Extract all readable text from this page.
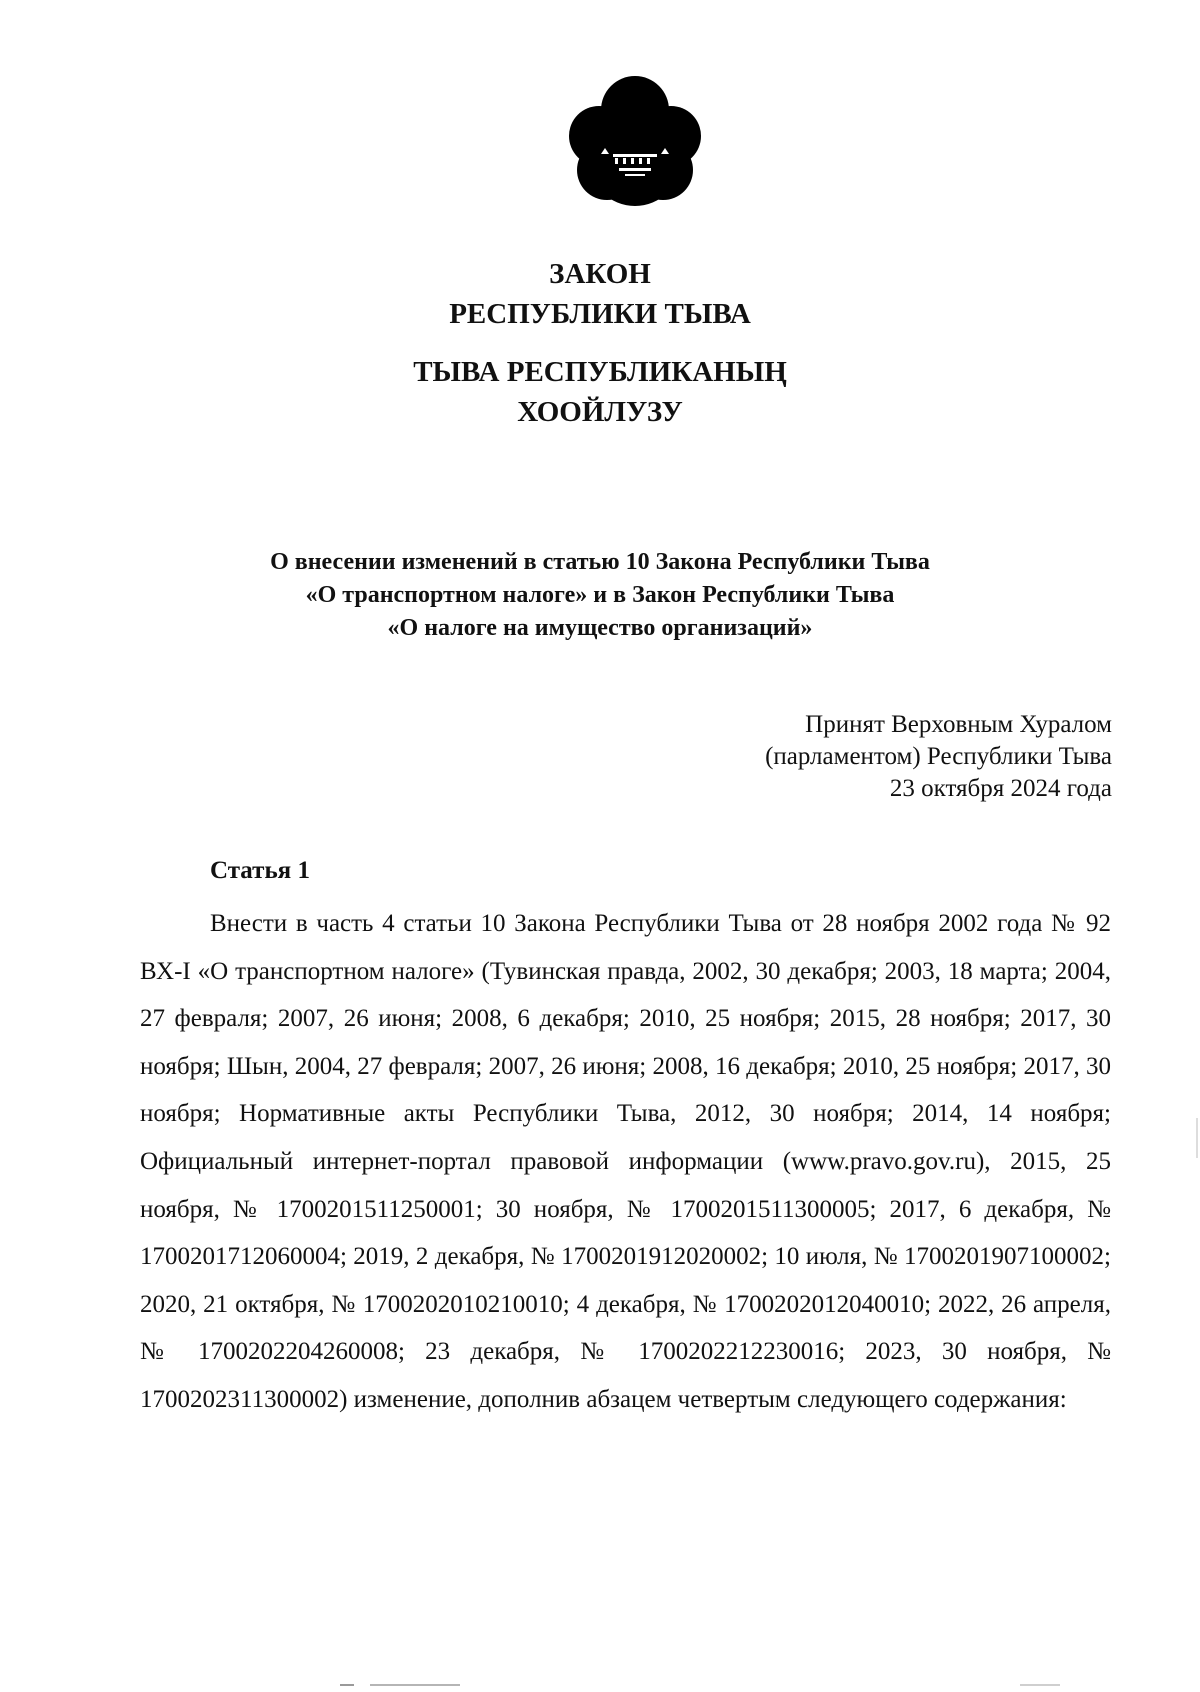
ЗАКОН
РЕСПУБЛИКИ ТЫВА
ТЫВА РЕСПУБЛИКАНЫҢ
ХООЙЛУЗУ
О внесении изменений в статью 10 Закона Республики Тыва
«О транспортном налоге» и в Закон Республики Тыва
«О налоге на имущество организаций»
Принят Верховным Хуралом
(парламентом) Республики Тыва
23 октября 2024 года
Статья 1

Внести в часть 4 статьи 10 Закона Республики Тыва от 28 ноября 2002 года № 92 ВХ-I «О транспортном налоге» (Тувинская правда, 2002, 30 декабря; 2003, 18 марта; 2004, 27 февраля; 2007, 26 июня; 2008, 6 декабря; 2010, 25 ноября; 2015, 28 ноября; 2017, 30 ноября; Шын, 2004, 27 февраля; 2007, 26 июня; 2008, 16 декабря; 2010, 25 ноября; 2017, 30 ноября; Нормативные акты Республики Тыва, 2012, 30 ноября; 2014, 14 ноября; Официальный интернет-портал правовой информации (www.pravo.gov.ru), 2015, 25 ноября, № 1700201511250001; 30 ноября, № 1700201511300005; 2017, 6 декабря, № 1700201712060004; 2019, 2 декабря, № 1700201912020002; 10 июля, № 1700201907100002; 2020, 21 октября, № 1700202010210010; 4 декабря, № 1700202012040010; 2022, 26 апреля, № 1700202204260008; 23 декабря, № 1700202212230016; 2023, 30 ноября, № 1700202311300002) изменение, дополнив абзацем четвертым следующего содержания:
